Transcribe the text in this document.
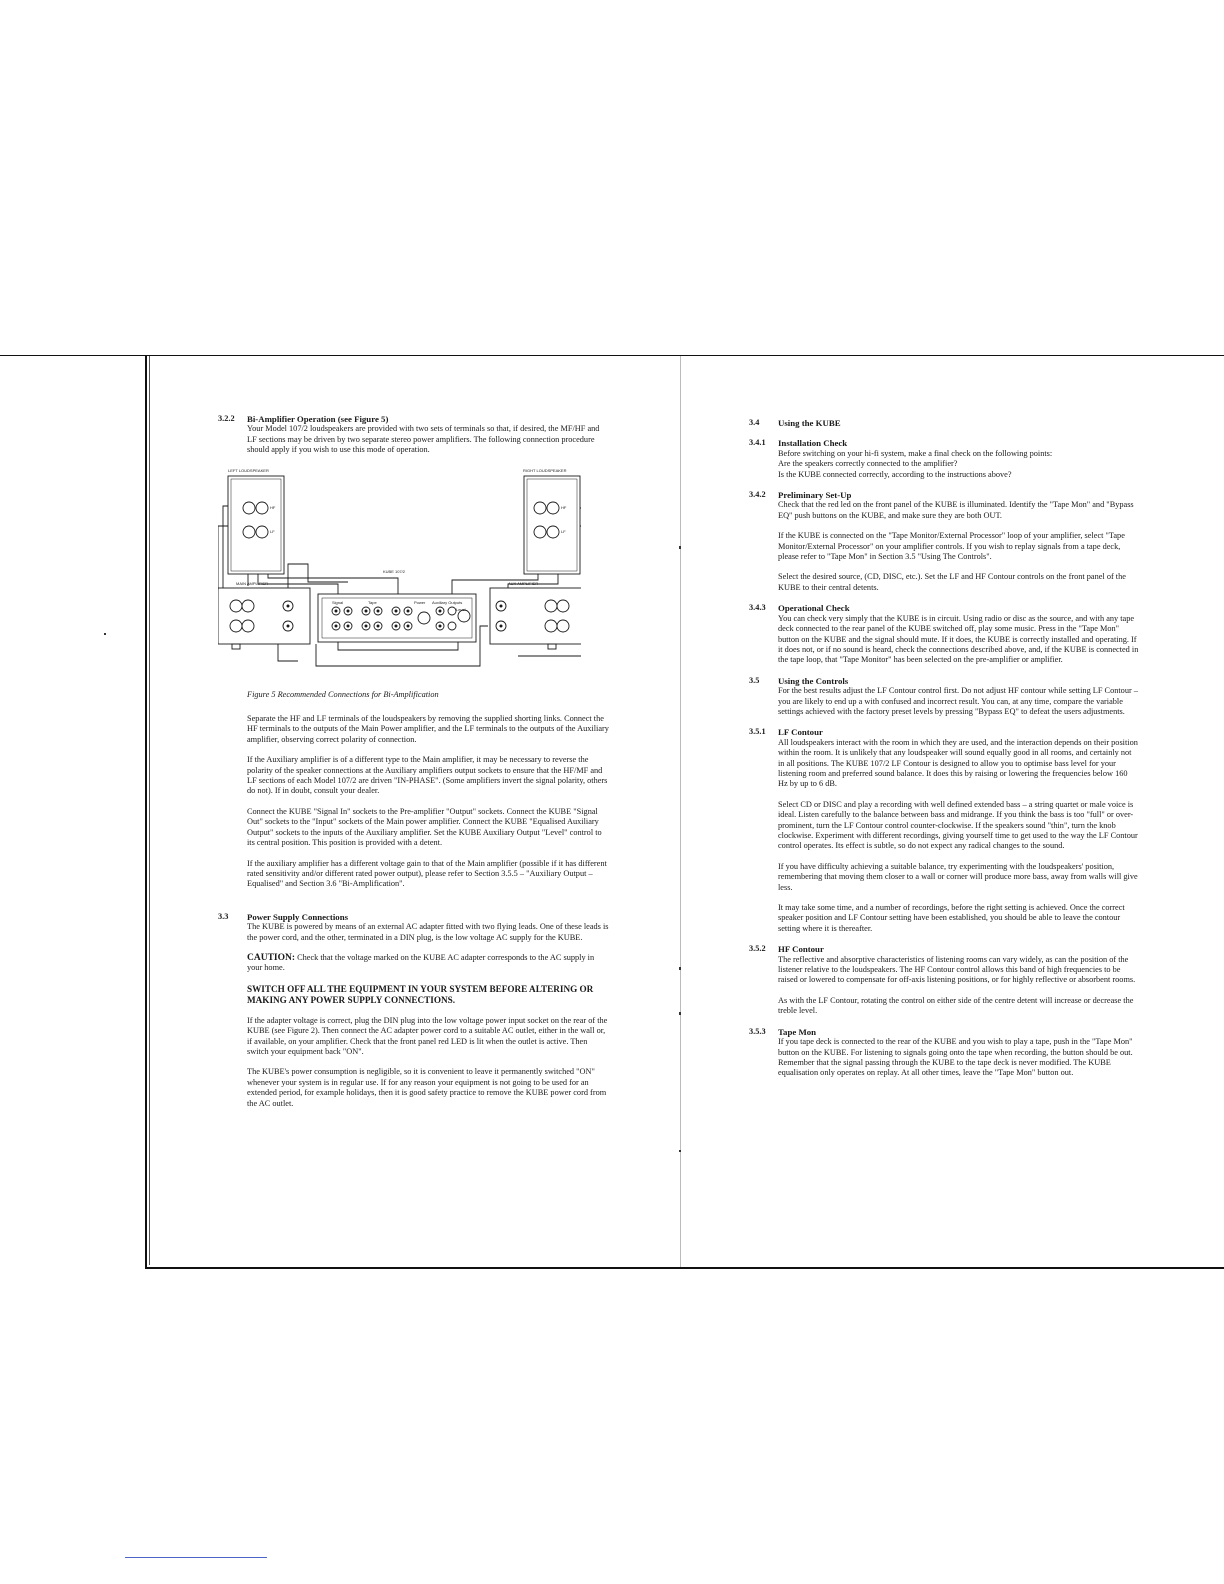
3.2.2	Bi-Amplifier Operation (see Figure 5)
Your Model 107/2 loudspeakers are provided with two sets of terminals so that, if desired, the MF/HF and LF sections may be driven by two separate stereo power amplifiers. The following connection procedure should apply if you wish to use this mode of operation.
LEFT LOUDSPEAKER	RIGHT LOUDSPEAKER
HF
LF
HF
LF
MAIN AMPLIFIER	AUX AMPLIFIER
KUBE 107/2
Signal	Tape	Power Auxiliary Outputs
Level
Figure 5 Recommended Connections for Bi-Amplification
Separate the HF and LF terminals of the loudspeakers by removing the supplied shorting links. Connect the HF terminals to the outputs of the Main Power amplifier, and the LF terminals to the outputs of the Auxiliary amplifier, observing correct polarity of connection.
If the Auxiliary amplifier is of a different type to the Main amplifier, it may be necessary to reverse the polarity of the speaker connections at the Auxiliary amplifiers output sockets to ensure that the HF/MF and LF sections of each Model 107/2 are driven "IN-PHASE". (Some amplifiers invert the signal polarity, others do not). If in doubt, consult your dealer.
Connect the KUBE "Signal In" sockets to the Pre-amplifier "Output" sockets. Connect the KUBE "Signal Out" sockets to the "Input" sockets of the Main power amplifier. Connect the KUBE "Equalised Auxiliary Output" sockets to the inputs of the Auxiliary amplifier. Set the KUBE Auxiliary Output "Level" control to its central position. This position is provided with a detent.
If the auxiliary amplifier has a different voltage gain to that of the Main amplifier (possible if it has different rated sensitivity and/or different rated power output), please refer to Section 3.5.5 – "Auxiliary Output – Equalised" and Section 3.6 "Bi-Amplification".
3.3	Power Supply Connections
The KUBE is powered by means of an external AC adapter fitted with two flying leads. One of these leads is the power cord, and the other, terminated in a DIN plug, is the low voltage AC supply for the KUBE.
CAUTION: Check that the voltage marked on the KUBE AC adapter corresponds to the AC supply in your home.
SWITCH OFF ALL THE EQUIPMENT IN YOUR SYSTEM BEFORE ALTERING OR MAKING ANY POWER SUPPLY CONNECTIONS.
If the adapter voltage is correct, plug the DIN plug into the low voltage power input socket on the rear of the KUBE (see Figure 2). Then connect the AC adapter power cord to a suitable AC outlet, either in the wall or, if available, on your amplifier. Check that the front panel red LED is lit when the outlet is active. Then switch your equipment back "ON".
The KUBE's power consumption is negligible, so it is convenient to leave it permanently switched "ON" whenever your system is in regular use. If for any reason your equipment is not going to be used for an extended period, for example holidays, then it is good safety practice to remove the KUBE power cord from the AC outlet.
3.4	Using the KUBE
3.4.1	Installation Check
Before switching on your hi-fi system, make a final check on the following points:
Are the speakers correctly connected to the amplifier?
Is the KUBE connected correctly, according to the instructions above?
3.4.2	Preliminary Set-Up
Check that the red led on the front panel of the KUBE is illuminated. Identify the "Tape Mon" and "Bypass EQ" push buttons on the KUBE, and make sure they are both OUT.
If the KUBE is connected on the "Tape Monitor/External Processor" loop of your amplifier, select "Tape Monitor/External Processor" on your amplifier controls. If you wish to replay signals from a tape deck, please refer to "Tape Mon" in Section 3.5 "Using The Controls".
Select the desired source, (CD, DISC, etc.). Set the LF and HF Contour controls on the front panel of the KUBE to their central detents.
3.4.3	Operational Check
You can check very simply that the KUBE is in circuit. Using radio or disc as the source, and with any tape deck connected to the rear panel of the KUBE switched off, play some music. Press in the "Tape Mon" button on the KUBE and the signal should mute. If it does, the KUBE is correctly installed and operating. If it does not, or if no sound is heard, check the connections described above, and, if the KUBE is connected in the tape loop, that "Tape Monitor" has been selected on the pre-amplifier or amplifier.
3.5	Using the Controls
For the best results adjust the LF Contour control first. Do not adjust HF contour while setting LF Contour – you are likely to end up a with confused and incorrect result. You can, at any time, compare the variable settings achieved with the factory preset levels by pressing "Bypass EQ" to defeat the users adjustments.
3.5.1	LF Contour
All loudspeakers interact with the room in which they are used, and the interaction depends on their position within the room. It is unlikely that any loudspeaker will sound equally good in all rooms, and certainly not in all positions. The KUBE 107/2 LF Contour is designed to allow you to optimise bass level for your listening room and preferred sound balance. It does this by raising or lowering the frequencies below 160 Hz by up to 6 dB.
Select CD or DISC and play a recording with well defined extended bass – a string quartet or male voice is ideal. Listen carefully to the balance between bass and midrange. If you think the bass is too "full" or over-prominent, turn the LF Contour control counter-clockwise. If the speakers sound "thin", turn the knob clockwise. Experiment with different recordings, giving yourself time to get used to the way the LF Contour control operates. Its effect is subtle, so do not expect any radical changes to the sound.
If you have difficulty achieving a suitable balance, try experimenting with the loudspeakers' position, remembering that moving them closer to a wall or corner will produce more bass, away from walls will give less.
It may take some time, and a number of recordings, before the right setting is achieved. Once the correct speaker position and LF Contour setting have been established, you should be able to leave the contour setting where it is thereafter.
3.5.2	HF Contour
The reflective and absorptive characteristics of listening rooms can vary widely, as can the position of the listener relative to the loudspeakers. The HF Contour control allows this band of high frequencies to be raised or lowered to compensate for off-axis listening positions, or for highly reflective or absorbent rooms.
As with the LF Contour, rotating the control on either side of the centre detent will increase or decrease the treble level.
3.5.3	Tape Mon
If you tape deck is connected to the rear of the KUBE and you wish to play a tape, push in the "Tape Mon" button on the KUBE. For listening to signals going onto the tape when recording, the button should be out. Remember that the signal passing through the KUBE to the tape deck is never modified. The KUBE equalisation only operates on replay. At all other times, leave the "Tape Mon" button out.
